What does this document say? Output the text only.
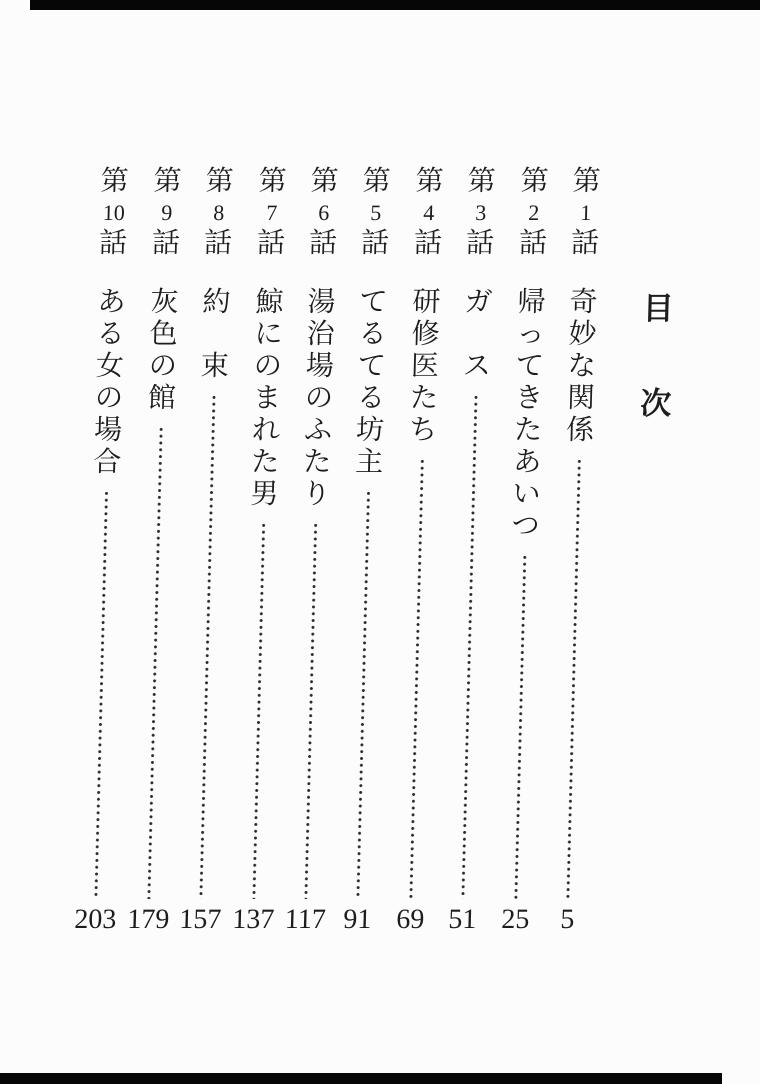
目
次
第
1
話
奇
妙
な
関
係
5
第
2
話
帰
っ
て
き
た
あ
い
つ
25
第
3
話
ガ

ス
51
第
4
話
研
修
医
た
ち
69
第
5
話
て
る
て
る
坊
主
91
第
6
話
湯
治
場
の
ふ
た
り
117
第
7
話
鯨
に
の
ま
れ
た
男
137
第
8
話
約

束
157
第
9
話
灰
色
の
館
179
第
10
話
あ
る
女
の
場
合
203
